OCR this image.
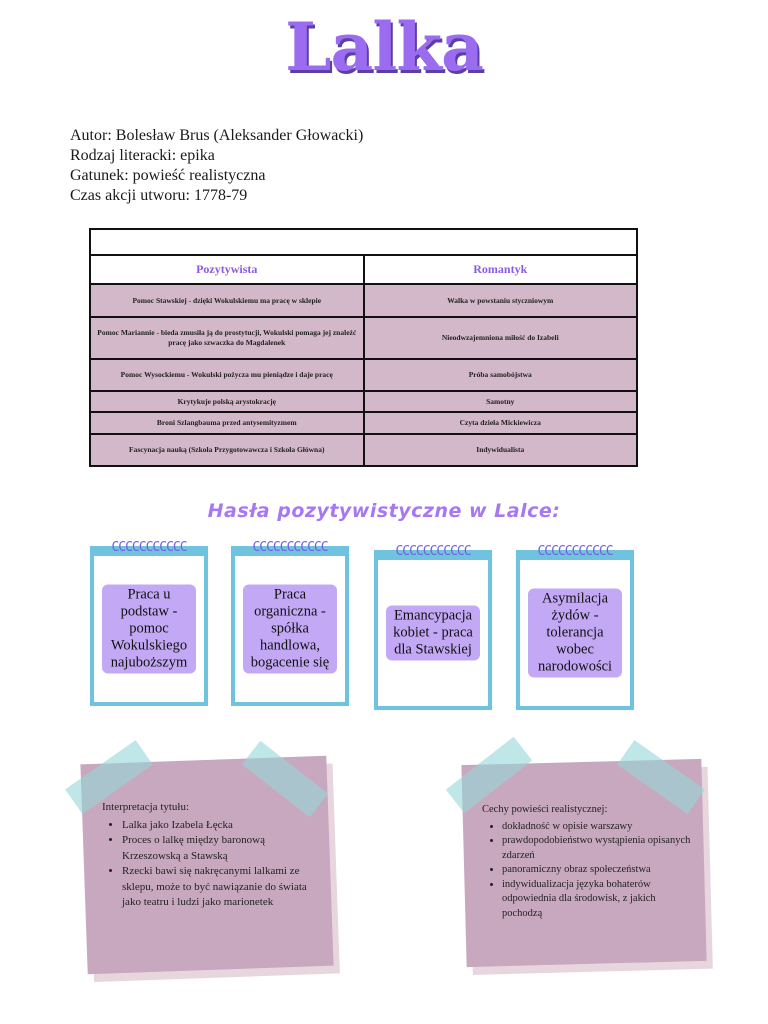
Lalka
Autor: Bolesław Brus (Aleksander Głowacki)
Rodzaj literacki: epika
Gatunek: powieść realistyczna
Czas akcji utworu: 1778-79

Pozytywista	Romantyk
Pomoc Stawskiej - dzięki Wokulskiemu ma pracę w sklepie	Walka w powstaniu styczniowym
Pomoc Mariannie - bieda zmusiła ją do prostytucji, Wokulski pomaga jej znaleźć pracę jako szwaczka do Magdalenek	Nieodwzajemniona miłość do Izabeli
Pomoc Wysockiemu - Wokulski pożycza mu pieniądze i daje pracę	Próba samobójstwa
Krytykuje polską arystokrację	Samotny
Broni Szlangbauma przed antysemityzmem	Czyta dzieła Mickiewicza
Fascynacja nauką (Szkoła Przygotowawcza i Szkoła Główna)	Indywidualista
Hasła pozytywistyczne w Lalce:
ССССССССССС
Praca u podstaw - pomoc Wokulskiego najuboższym
ССССССССССС
Praca organiczna - spółka handlowa, bogacenie się
ССССССССССС
Emancypacja kobiet - praca dla Stawskiej
ССССССССССС
Asymilacja żydów - tolerancja wobec narodowości
Interpretacja tytułu:
• Lalka jako Izabela Łęcka
• Proces o lalkę między baronową Krzeszowską a Stawską
• Rzecki bawi się nakręcanymi lalkami ze sklepu, może to być nawiązanie do świata jako teatru i ludzi jako marionetek
Cechy powieści realistycznej:
• dokładność w opisie warszawy
• prawdopodobieństwo wystąpienia opisanych zdarzeń
• panoramiczny obraz społeczeństwa
• indywidualizacja języka bohaterów odpowiednia dla środowisk, z jakich pochodzą
